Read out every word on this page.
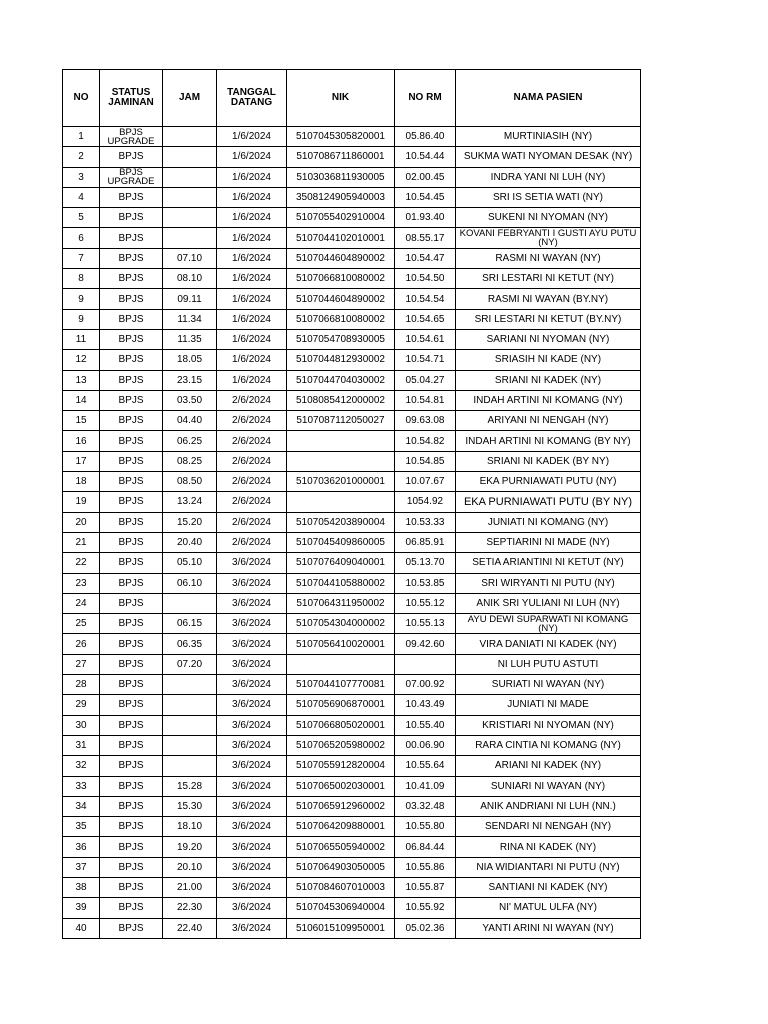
NO	STATUS JAMINAN	JAM	TANGGAL DATANG	NIK	NO RM	NAMA PASIEN
1	BPJS UPGRADE		1/6/2024	5107045305820001	05.86.40	MURTINIASIH (NY)
2	BPJS		1/6/2024	5107086711860001	10.54.44	SUKMA WATI NYOMAN DESAK (NY)
3	BPJS UPGRADE		1/6/2024	5103036811930005	02.00.45	INDRA YANI NI LUH (NY)
4	BPJS		1/6/2024	3508124905940003	10.54.45	SRI IS SETIA WATI (NY)
5	BPJS		1/6/2024	5107055402910004	01.93.40	SUKENI NI NYOMAN (NY)
6	BPJS		1/6/2024	5107044102010001	08.55.17	KOVANI FEBRYANTI I GUSTI AYU PUTU (NY)
7	BPJS	07.10	1/6/2024	5107044604890002	10.54.47	RASMI NI WAYAN (NY)
8	BPJS	08.10	1/6/2024	5107066810080002	10.54.50	SRI LESTARI NI KETUT (NY)
9	BPJS	09.11	1/6/2024	5107044604890002	10.54.54	RASMI NI WAYAN (BY.NY)
9	BPJS	11.34	1/6/2024	5107066810080002	10.54.65	SRI LESTARI NI KETUT (BY.NY)
11	BPJS	11.35	1/6/2024	5107054708930005	10.54.61	SARIANI NI NYOMAN (NY)
12	BPJS	18.05	1/6/2024	5107044812930002	10.54.71	SRIASIH NI KADE (NY)
13	BPJS	23.15	1/6/2024	5107044704030002	05.04.27	SRIANI NI KADEK (NY)
14	BPJS	03.50	2/6/2024	5108085412000002	10.54.81	INDAH ARTINI NI KOMANG (NY)
15	BPJS	04.40	2/6/2024	5107087112050027	09.63.08	ARIYANI NI NENGAH (NY)
16	BPJS	06.25	2/6/2024		10.54.82	INDAH ARTINI NI KOMANG (BY NY)
17	BPJS	08.25	2/6/2024		10.54.85	SRIANI NI KADEK (BY NY)
18	BPJS	08.50	2/6/2024	5107036201000001	10.07.67	EKA PURNIAWATI PUTU (NY)
19	BPJS	13.24	2/6/2024		1054.92	EKA PURNIAWATI PUTU (BY NY)
20	BPJS	15.20	2/6/2024	5107054203890004	10.53.33	JUNIATI NI KOMANG (NY)
21	BPJS	20.40	2/6/2024	5107045409860005	06.85.91	SEPTIARINI NI MADE (NY)
22	BPJS	05.10	3/6/2024	5107076409040001	05.13.70	SETIA ARIANTINI NI KETUT (NY)
23	BPJS	06.10	3/6/2024	5107044105880002	10.53.85	SRI WIRYANTI NI PUTU (NY)
24	BPJS		3/6/2024	5107064311950002	10.55.12	ANIK SRI YULIANI NI LUH (NY)
25	BPJS	06.15	3/6/2024	5107054304000002	10.55.13	AYU DEWI SUPARWATI NI KOMANG (NY)
26	BPJS	06.35	3/6/2024	5107056410020001	09.42.60	VIRA DANIATI NI KADEK (NY)
27	BPJS	07.20	3/6/2024			NI LUH PUTU ASTUTI
28	BPJS		3/6/2024	5107044107770081	07.00.92	SURIATI NI WAYAN (NY)
29	BPJS		3/6/2024	5107056906870001	10.43.49	JUNIATI NI MADE
30	BPJS		3/6/2024	5107066805020001	10.55.40	KRISTIARI NI NYOMAN (NY)
31	BPJS		3/6/2024	5107065205980002	00.06.90	RARA CINTIA NI KOMANG (NY)
32	BPJS		3/6/2024	5107055912820004	10.55.64	ARIANI NI KADEK (NY)
33	BPJS	15.28	3/6/2024	5107065002030001	10.41.09	SUNIARI NI WAYAN (NY)
34	BPJS	15.30	3/6/2024	5107065912960002	03.32.48	ANIK ANDRIANI NI LUH (NN.)
35	BPJS	18.10	3/6/2024	5107064209880001	10.55.80	SENDARI NI NENGAH (NY)
36	BPJS	19.20	3/6/2024	5107065505940002	06.84.44	RINA NI KADEK (NY)
37	BPJS	20.10	3/6/2024	5107064903050005	10.55.86	NIA WIDIANTARI NI PUTU (NY)
38	BPJS	21.00	3/6/2024	5107084607010003	10.55.87	SANTIANI NI KADEK (NY)
39	BPJS	22.30	3/6/2024	5107045306940004	10.55.92	NI' MATUL ULFA (NY)
40	BPJS	22.40	3/6/2024	5106015109950001	05.02.36	YANTI ARINI NI WAYAN (NY)
